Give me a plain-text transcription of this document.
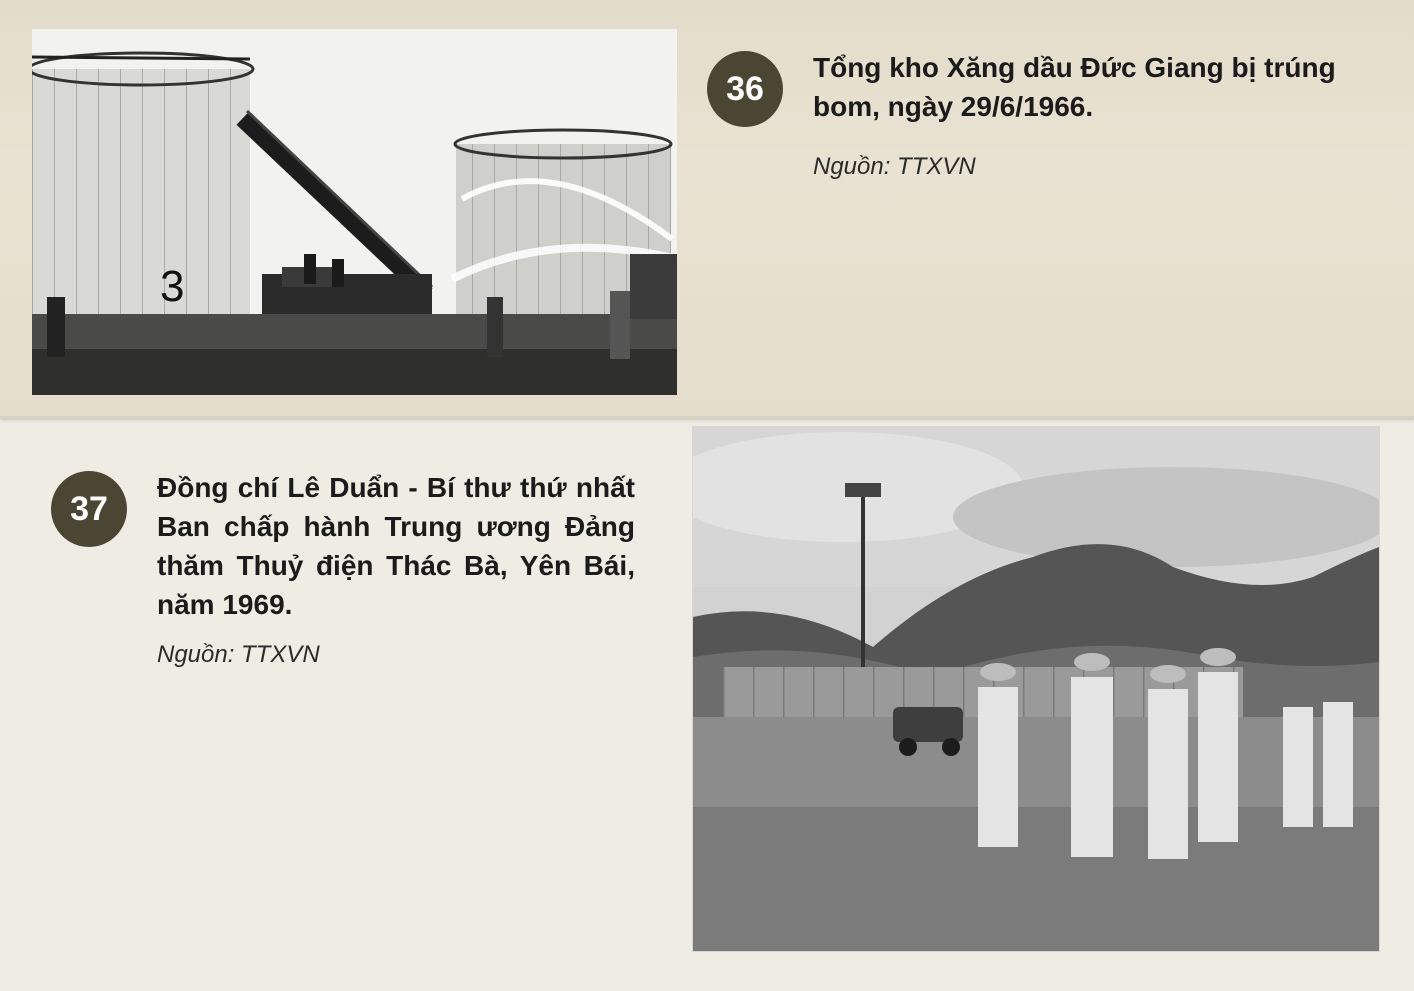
3
36
Tổng kho Xăng dầu Đức Giang bị trúng bom, ngày 29/6/1966.
Nguồn: TTXVN
37
Đồng chí Lê Duẩn - Bí thư thứ nhất Ban chấp hành Trung ương Đảng thăm Thuỷ điện Thác Bà, Yên Bái, năm 1969.
Nguồn: TTXVN
